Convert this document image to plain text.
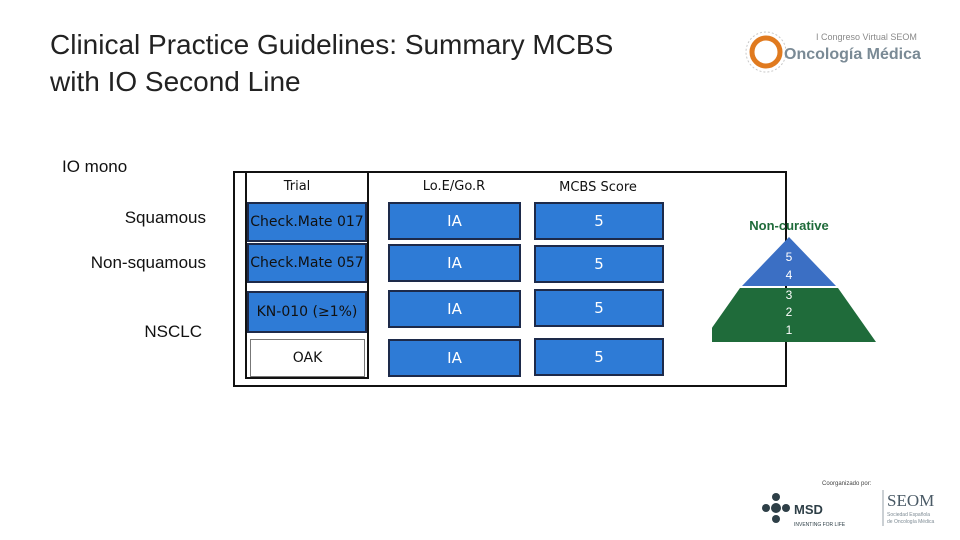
Clinical Practice Guidelines: Summary MCBS
with IO Second Line
I Congreso Virtual SEOM
Oncología Médica
IO mono
Squamous
Non-squamous
NSCLC
Trial	Lo.E/Go.R	MCBS Score
Check.Mate 017	IA	5
Check.Mate 057	IA	5
KN-010 (≥1%)	IA	5
OAK	IA	5
Non-curative
5
4
3
2
1
Coorganizado por:
MSD
INVENTING FOR LIFE
SEOM
Sociedad Española
de Oncología Médica
